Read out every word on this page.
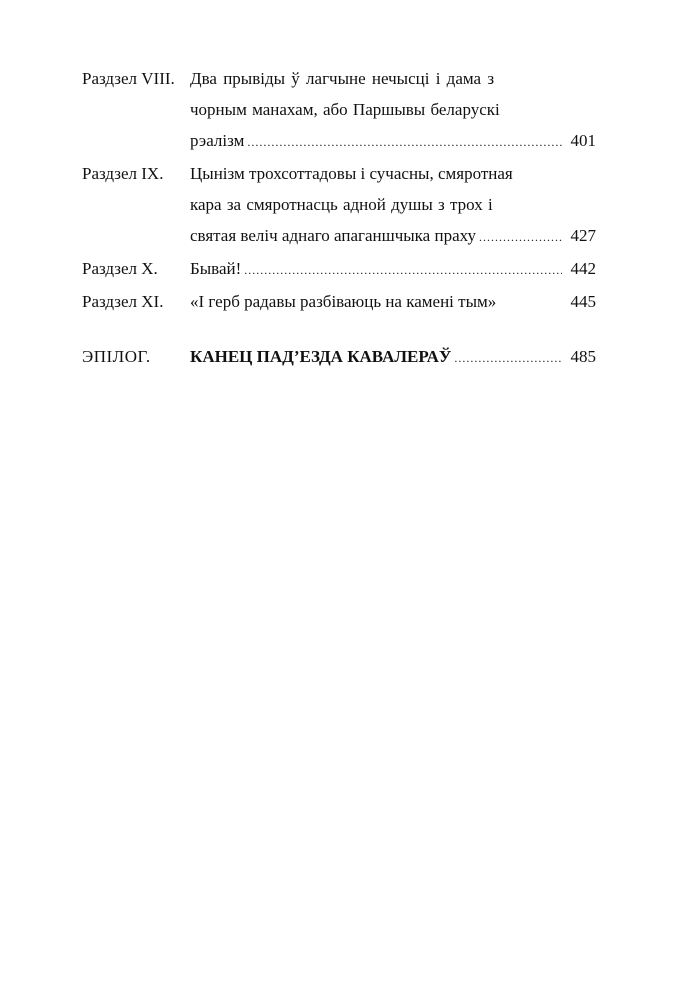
Раздзел VIII. Два прывіды ў лагчыне нечысці і дама з
чорным манахам, або Паршывы беларускі
рэалізм .....	401
Раздзел IX.	Цынізм трохсоттадовы і сучасны, смяротная
кара за смяротнасць адной душы з трох і
святая веліч аднаго апаганшчыка праху .....	427
Раздзел X.	Бывай! .....	442
Раздзел XI.	«І герб радавы разбіваюць на камені тым»	445
ЭПІЛОГ.	КАНЕЦ ПАД’ЕЗДА КАВАЛЕРАЎ .....	485
